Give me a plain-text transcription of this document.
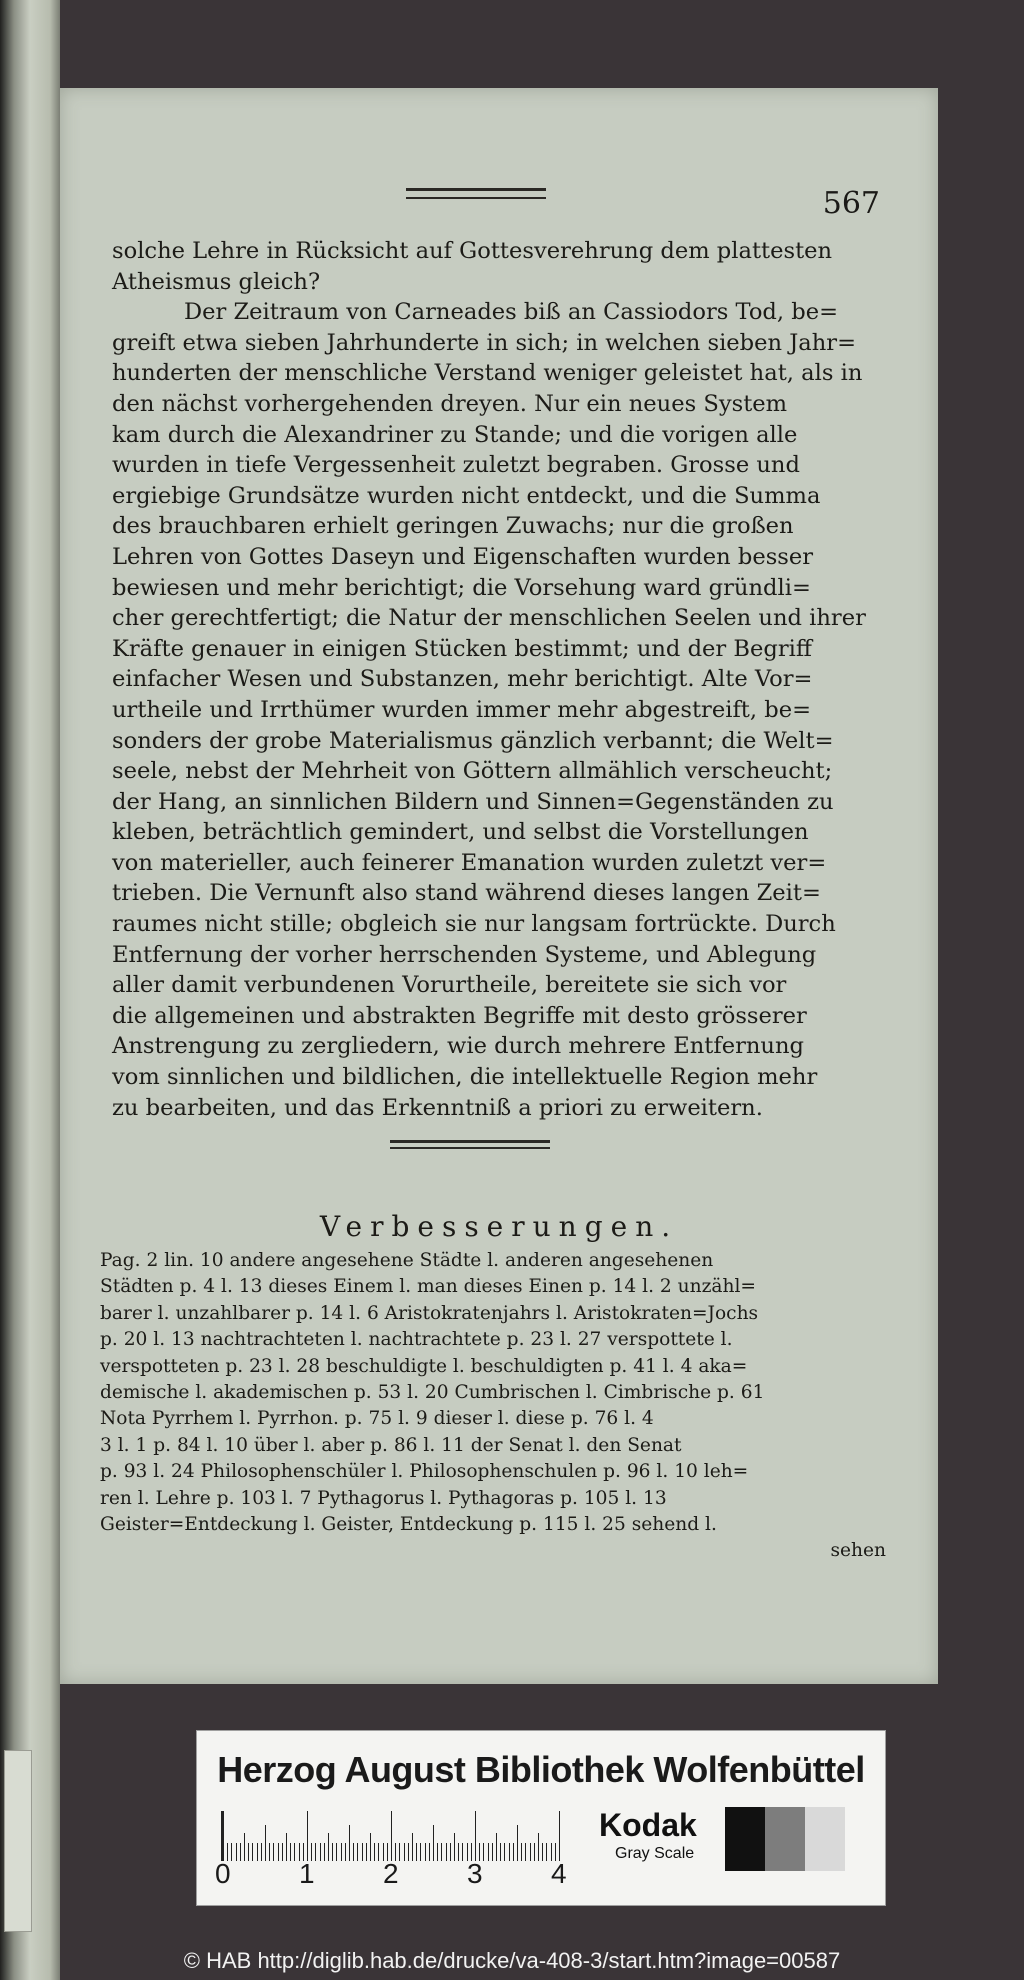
567

solche Lehre in Rücksicht auf Gottesverehrung dem plattesten

Atheismus gleich?

Der Zeitraum von Carneades biß an Cassiodors Tod, be=

greift etwa sieben Jahrhunderte in sich; in welchen sieben Jahr=

hunderten der menschliche Verstand weniger geleistet hat, als in

den nächst vorhergehenden dreyen. Nur ein neues System

kam durch die Alexandriner zu Stande; und die vorigen alle

wurden in tiefe Vergessenheit zuletzt begraben. Grosse und

ergiebige Grundsätze wurden nicht entdeckt, und die Summa

des brauchbaren erhielt geringen Zuwachs; nur die großen

Lehren von Gottes Daseyn und Eigenschaften wurden besser

bewiesen und mehr berichtigt; die Vorsehung ward gründli=

cher gerechtfertigt; die Natur der menschlichen Seelen und ihrer

Kräfte genauer in einigen Stücken bestimmt; und der Begriff

einfacher Wesen und Substanzen, mehr berichtigt. Alte Vor=

urtheile und Irrthümer wurden immer mehr abgestreift, be=

sonders der grobe Materialismus gänzlich verbannt; die Welt=

seele, nebst der Mehrheit von Göttern allmählich verscheucht;

der Hang, an sinnlichen Bildern und Sinnen=Gegenständen zu

kleben, beträchtlich gemindert, und selbst die Vorstellungen

von materieller, auch feinerer Emanation wurden zuletzt ver=

trieben. Die Vernunft also stand während dieses langen Zeit=

raumes nicht stille; obgleich sie nur langsam fortrückte. Durch

Entfernung der vorher herrschenden Systeme, und Ablegung

aller damit verbundenen Vorurtheile, bereitete sie sich vor

die allgemeinen und abstrakten Begriffe mit desto grösserer

Anstrengung zu zergliedern, wie durch mehrere Entfernung

vom sinnlichen und bildlichen, die intellektuelle Region mehr

zu bearbeiten, und das Erkenntniß a priori zu erweitern.

Verbesserungen.
Pag. 2 lin. 10 andere angesehene Städte l. anderen angesehenen
Städten p. 4 l. 13 dieses Einem l. man dieses Einen p. 14 l. 2 unzähl=
barer l. unzahlbarer p. 14 l. 6 Aristokratenjahrs l. Aristokraten=Jochs
p. 20 l. 13 nachtrachteten l. nachtrachtete p. 23 l. 27 verspottete l.
verspotteten p. 23 l. 28 beschuldigte l. beschuldigten p. 41 l. 4 aka=
demische l. akademischen p. 53 l. 20 Cumbrischen l. Cimbrische p. 61
Nota Pyrrhem l. Pyrrhon. p. 75 l. 9 dieser l. diese p. 76 l. 4
3 l. 1 p. 84 l. 10 über l. aber p. 86 l. 11 der Senat l. den Senat
p. 93 l. 24 Philosophenschüler l. Philosophenschulen p. 96 l. 10 leh=
ren l. Lehre p. 103 l. 7 Pythagorus l. Pythagoras p. 105 l. 13
Geister=Entdeckung l. Geister, Entdeckung p. 115 l. 25 sehend l.
sehen
Herzog August Bibliothek Wolfenbüttel
0 1 2 3 4
Kodak
Gray Scale
© HAB http://diglib.hab.de/drucke/va-408-3/start.htm?image=00587
